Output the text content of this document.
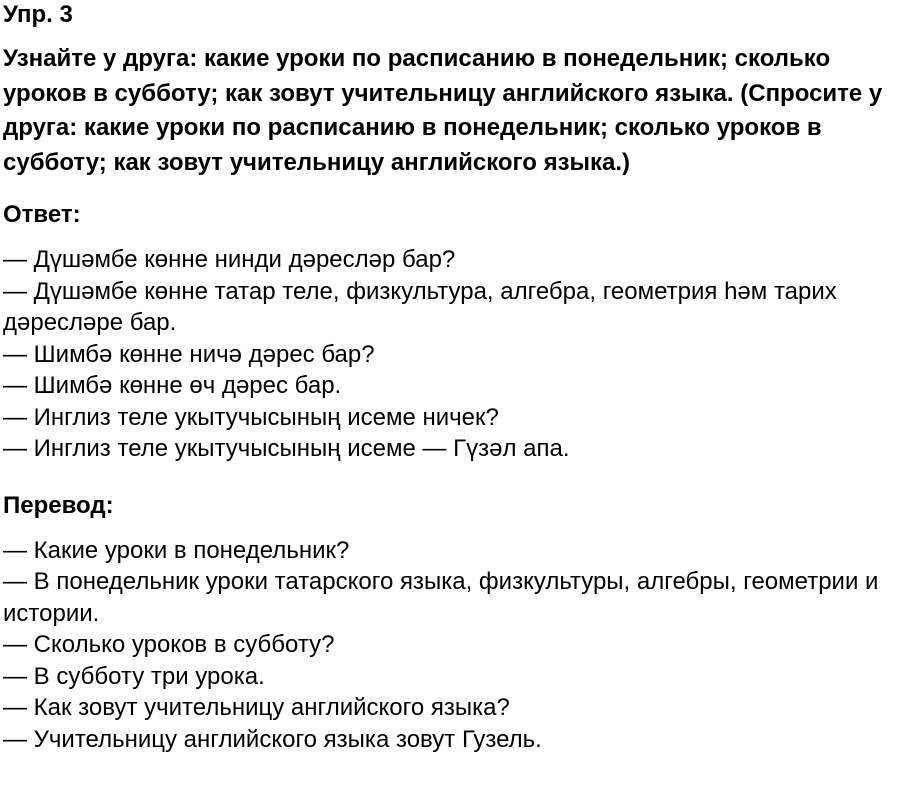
Упр. 3
Узнайте у друга: какие уроки по расписанию в понедельник; сколько уроков в субботу; как зовут учительницу английского языка. (Спросите у друга: какие уроки по расписанию в понедельник; сколько уроков в субботу; как зовут учительницу английского языка.)
Ответ:
— Дүшәмбе көнне нинди дәресләр бар?
— Дүшәмбе көнне татар теле, физкультура, алгебра, геометрия һәм тарих дәресләре бар.
— Шимбә көнне ничә дәрес бар?
— Шимбә көнне өч дәрес бар.
— Инглиз теле укытучысының исеме ничек?
— Инглиз теле укытучысының исеме — Гүзәл апа.
Перевод:
— Какие уроки в понедельник?
— В понедельник уроки татарского языка, физкультуры, алгебры, геометрии и истории.
— Сколько уроков в субботу?
— В субботу три урока.
— Как зовут учительницу английского языка?
— Учительницу английского языка зовут Гузель.
